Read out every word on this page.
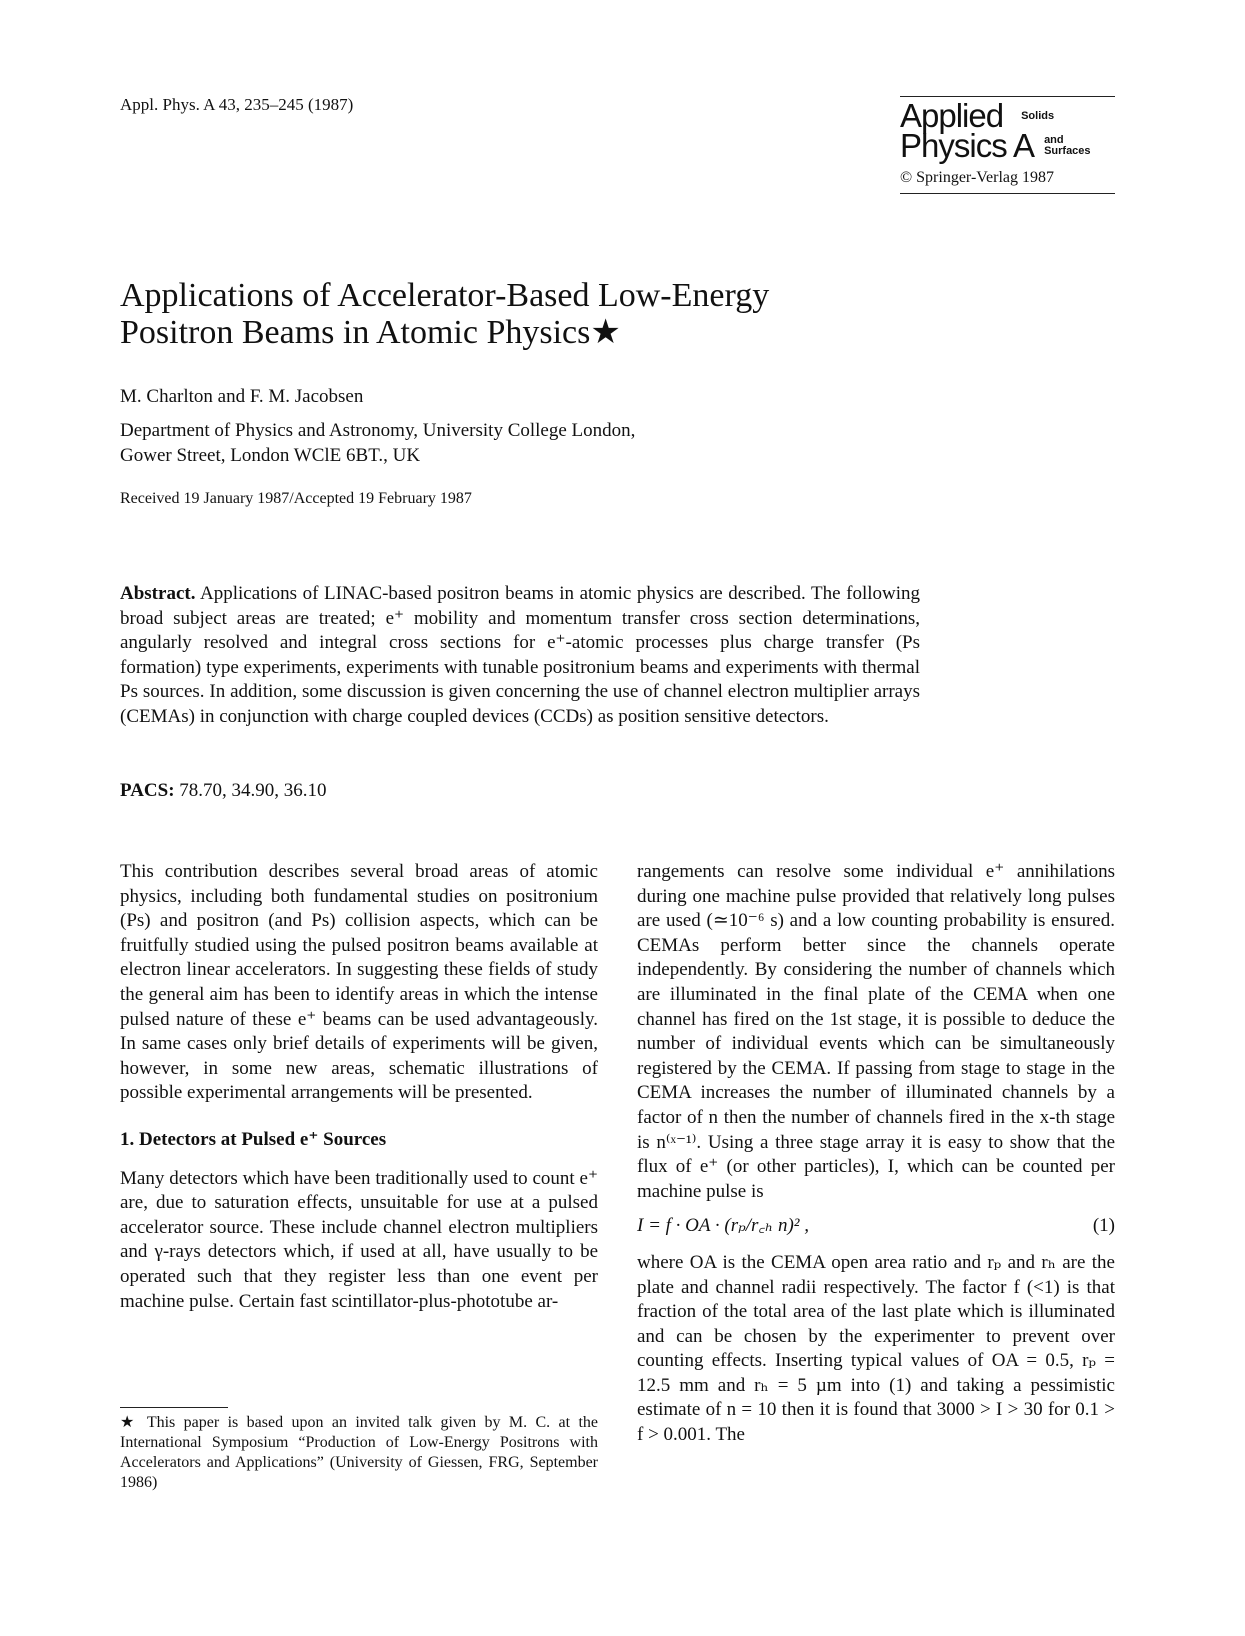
Appl. Phys. A 43, 235–245 (1987)	Applied Solids
Physics A and
Surfaces
© Springer-Verlag 1987
Applications of Accelerator-Based Low-Energy
Positron Beams in Atomic Physics★
M. Charlton and F. M. Jacobsen
Department of Physics and Astronomy, University College London,
Gower Street, London WClE 6BT., UK
Received 19 January 1987/Accepted 19 February 1987
Abstract. Applications of LINAC-based positron beams in atomic physics are described. The following broad subject areas are treated; e⁺ mobility and momentum transfer cross section determinations, angularly resolved and integral cross sections for e⁺-atomic processes plus charge transfer (Ps formation) type experiments, experiments with tunable positronium beams and experiments with thermal Ps sources. In addition, some discussion is given concerning the use of channel electron multiplier arrays (CEMAs) in conjunction with charge coupled devices (CCDs) as position sensitive detectors.
PACS: 78.70, 34.90, 36.10

This contribution describes several broad areas of atomic physics, including both fundamental studies on positronium (Ps) and positron (and Ps) collision aspects, which can be fruitfully studied using the pulsed positron beams available at electron linear accelerators. In suggesting these fields of study the general aim has been to identify areas in which the intense pulsed nature of these e⁺ beams can be used advantageously. In same cases only brief details of experiments will be given, however, in some new areas, schematic illustrations of possible experimental arrangements will be presented.

1. Detectors at Pulsed e⁺ Sources

Many detectors which have been traditionally used to count e⁺ are, due to saturation effects, unsuitable for use at a pulsed accelerator source. These include channel electron multipliers and γ-rays detectors which, if used at all, have usually to be operated such that they register less than one event per machine pulse. Certain fast scintillator-plus-phototube ar-

rangements can resolve some individual e⁺ annihilations during one machine pulse provided that relatively long pulses are used (≃10⁻⁶ s) and a low counting probability is ensured. CEMAs perform better since the channels operate independently. By considering the number of channels which are illuminated in the final plate of the CEMA when one channel has fired on the 1st stage, it is possible to deduce the number of individual events which can be simultaneously registered by the CEMA. If passing from stage to stage in the CEMA increases the number of illuminated channels by a factor of n then the number of channels fired in the x-th stage is n⁽ˣ⁻¹⁾. Using a three stage array it is easy to show that the flux of e⁺ (or other particles), I, which can be counted per machine pulse is

I = f · OA · (rₚ/r꜀ₕ n)² ,	(1)

where OA is the CEMA open area ratio and rₚ and rₕ are the plate and channel radii respectively. The factor f (<1) is that fraction of the total area of the last plate which is illuminated and can be chosen by the experimenter to prevent over counting effects. Inserting typical values of OA = 0.5, rₚ = 12.5 mm and rₕ = 5 µm into (1) and taking a pessimistic estimate of n = 10 then it is found that 3000 > I > 30 for 0.1 > f > 0.001. The

★ This paper is based upon an invited talk given by M. C. at the International Symposium “Production of Low-Energy Positrons with Accelerators and Applications” (University of Giessen, FRG, September 1986)
